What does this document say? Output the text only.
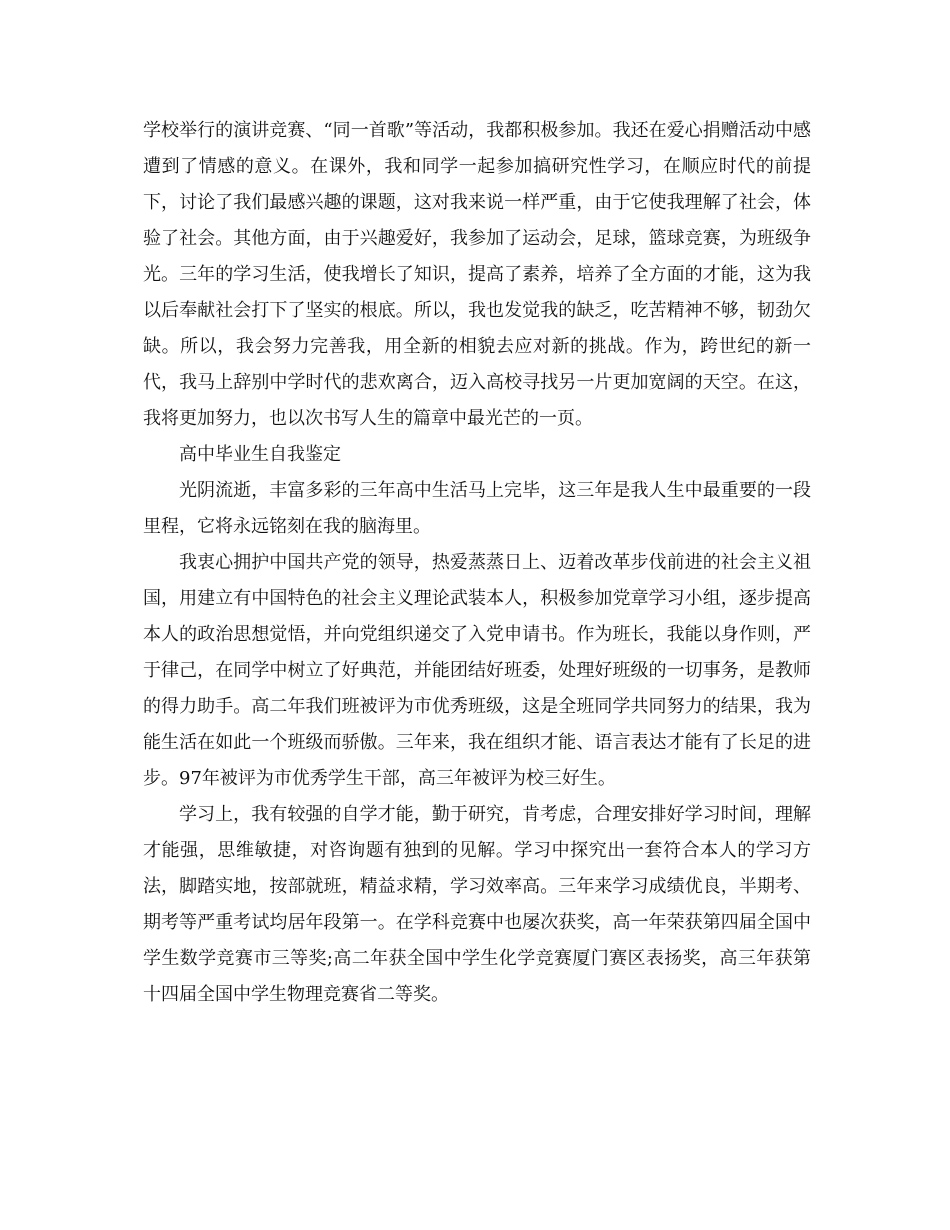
学校举行的演讲竞赛、“同一首歌”等活动，我都积极参加。我还在爱心捐赠活动中感遭到了情感的意义。在课外，我和同学一起参加搞研究性学习，在顺应时代的前提下，讨论了我们最感兴趣的课题，这对我来说一样严重，由于它使我理解了社会，体验了社会。其他方面，由于兴趣爱好，我参加了运动会，足球，篮球竞赛，为班级争光。三年的学习生活，使我增长了知识，提高了素养，培养了全方面的才能，这为我以后奉献社会打下了坚实的根底。所以，我也发觉我的缺乏，吃苦精神不够，韧劲欠缺。所以，我会努力完善我，用全新的相貌去应对新的挑战。作为，跨世纪的新一代，我马上辞别中学时代的悲欢离合，迈入高校寻找另一片更加宽阔的天空。在这，我将更加努力，也以次书写人生的篇章中最光芒的一页。

高中毕业生自我鉴定

光阴流逝，丰富多彩的三年高中生活马上完毕，这三年是我人生中最重要的一段里程，它将永远铭刻在我的脑海里。

我衷心拥护中国共产党的领导，热爱蒸蒸日上、迈着改革步伐前进的社会主义祖国，用建立有中国特色的社会主义理论武装本人，积极参加党章学习小组，逐步提高本人的政治思想觉悟，并向党组织递交了入党申请书。作为班长，我能以身作则，严于律己，在同学中树立了好典范，并能团结好班委，处理好班级的一切事务，是教师的得力助手。高二年我们班被评为市优秀班级，这是全班同学共同努力的结果，我为能生活在如此一个班级而骄傲。三年来，我在组织才能、语言表达才能有了长足的进步。97年被评为市优秀学生干部，高三年被评为校三好生。

学习上，我有较强的自学才能，勤于研究，肯考虑，合理安排好学习时间，理解才能强，思维敏捷，对咨询题有独到的见解。学习中探究出一套符合本人的学习方法，脚踏实地，按部就班，精益求精，学习效率高。三年来学习成绩优良，半期考、期考等严重考试均居年段第一。在学科竞赛中也屡次获奖，高一年荣获第四届全国中学生数学竞赛市三等奖;高二年获全国中学生化学竞赛厦门赛区表扬奖，高三年获第十四届全国中学生物理竞赛省二等奖。
